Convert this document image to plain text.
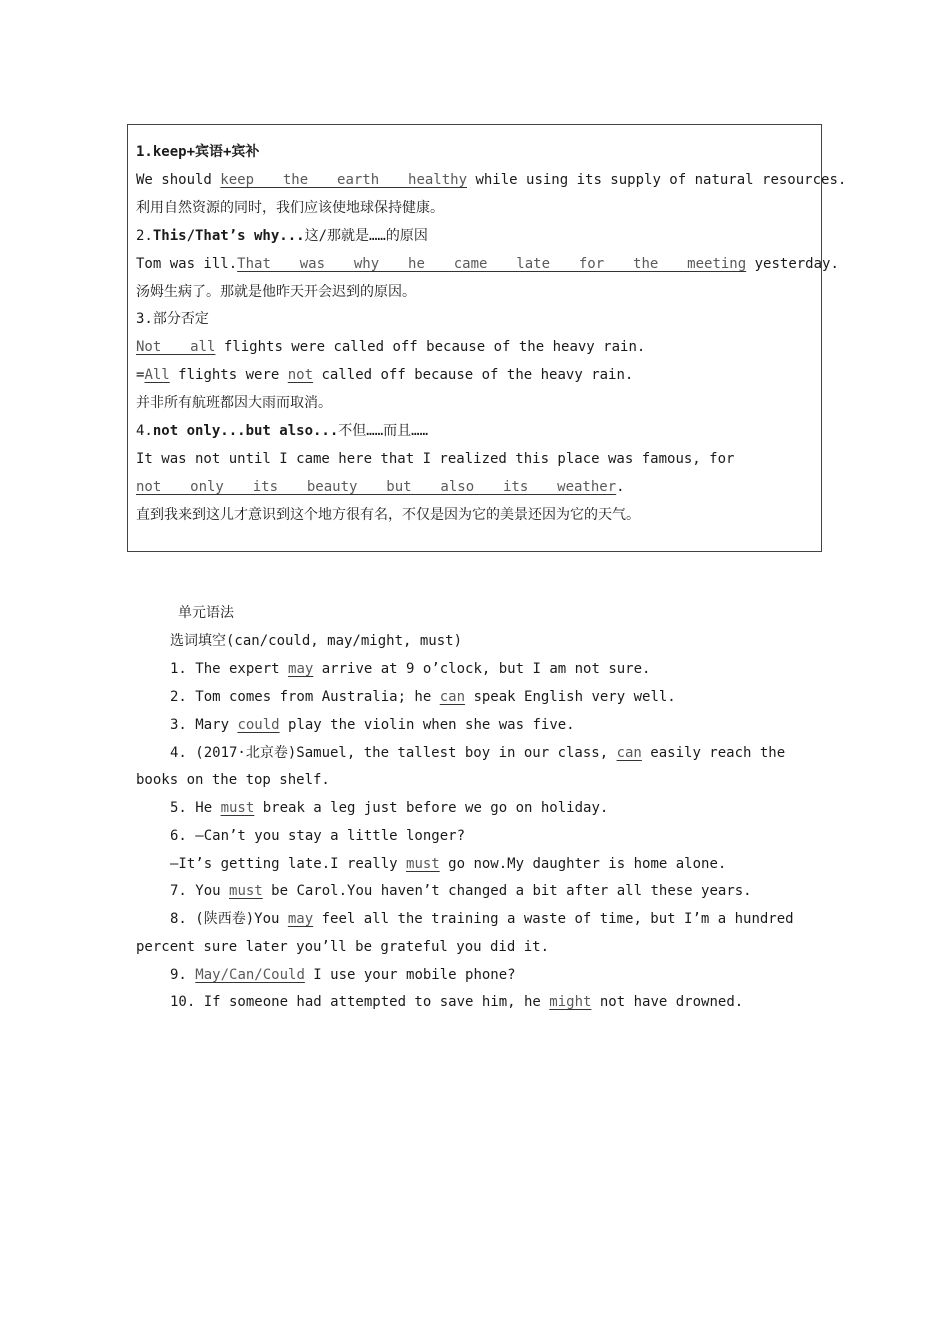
1.keep+宾语+宾补
We should keep  the  earth  healthy while using its supply of natural resources.
利用自然资源的同时，我们应该使地球保持健康。
2.This/That’s why...这/那就是……的原因
Tom was ill.That  was  why  he  came  late  for  the  meeting yesterday.
汤姆生病了。那就是他昨天开会迟到的原因。
3.部分否定
Not  all flights were called off because of the heavy rain.
=All flights were not called off because of the heavy rain.
并非所有航班都因大雨而取消。
4.not only...but also...不但……而且……
It was not until I came here that I realized this place was famous, for
not  only  its  beauty  but  also  its  weather.
直到我来到这儿才意识到这个地方很有名，不仅是因为它的美景还因为它的天气。
单元语法
选词填空(can/could, may/might, must)
1. The expert may arrive at 9 o’clock, but I am not sure.
2. Tom comes from Australia; he can speak English very well.
3. Mary could play the violin when she was five.
4. (2017·北京卷)Samuel, the tallest boy in our class, can easily reach the
books on the top shelf.
5. He must break a leg just before we go on holiday.
6. —Can’t you stay a little longer?
—It’s getting late.I really must go now.My daughter is home alone.
7. You must be Carol.You haven’t changed a bit after all these years.
8. (陕西卷)You may feel all the training a waste of time, but I’m a hundred
percent sure later you’ll be grateful you did it.
9. May/Can/Could I use your mobile phone?
10. If someone had attempted to save him, he might not have drowned.
